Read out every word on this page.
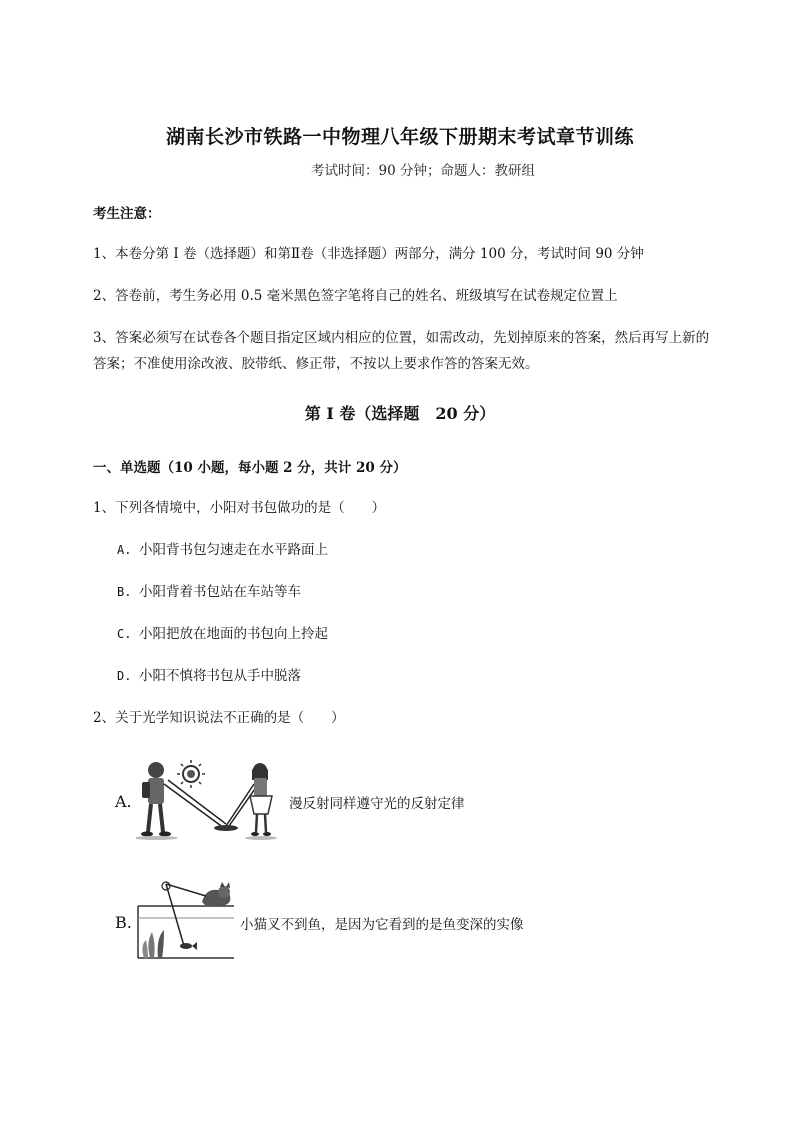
湖南长沙市铁路一中物理八年级下册期末考试章节训练
考试时间：90 分钟；命题人：教研组
考生注意：
1、本卷分第 I 卷（选择题）和第Ⅱ卷（非选择题）两部分，满分 100 分，考试时间 90 分钟
2、答卷前，考生务必用 0.5 毫米黑色签字笔将自己的姓名、班级填写在试卷规定位置上
3、答案必须写在试卷各个题目指定区域内相应的位置，如需改动，先划掉原来的答案，然后再写上新的答案；不准使用涂改液、胶带纸、修正带，不按以上要求作答的答案无效。
第 I 卷（选择题　20 分）
一、单选题（10 小题，每小题 2 分，共计 20 分）
1、下列各情境中，小阳对书包做功的是（　　）
A. 小阳背书包匀速走在水平路面上
B. 小阳背着书包站在车站等车
C. 小阳把放在地面的书包向上拎起
D. 小阳不慎将书包从手中脱落
2、关于光学知识说法不正确的是（　　）
A.	漫反射同样遵守光的反射定律
B.	小猫叉不到鱼，是因为它看到的是鱼变深的实像
